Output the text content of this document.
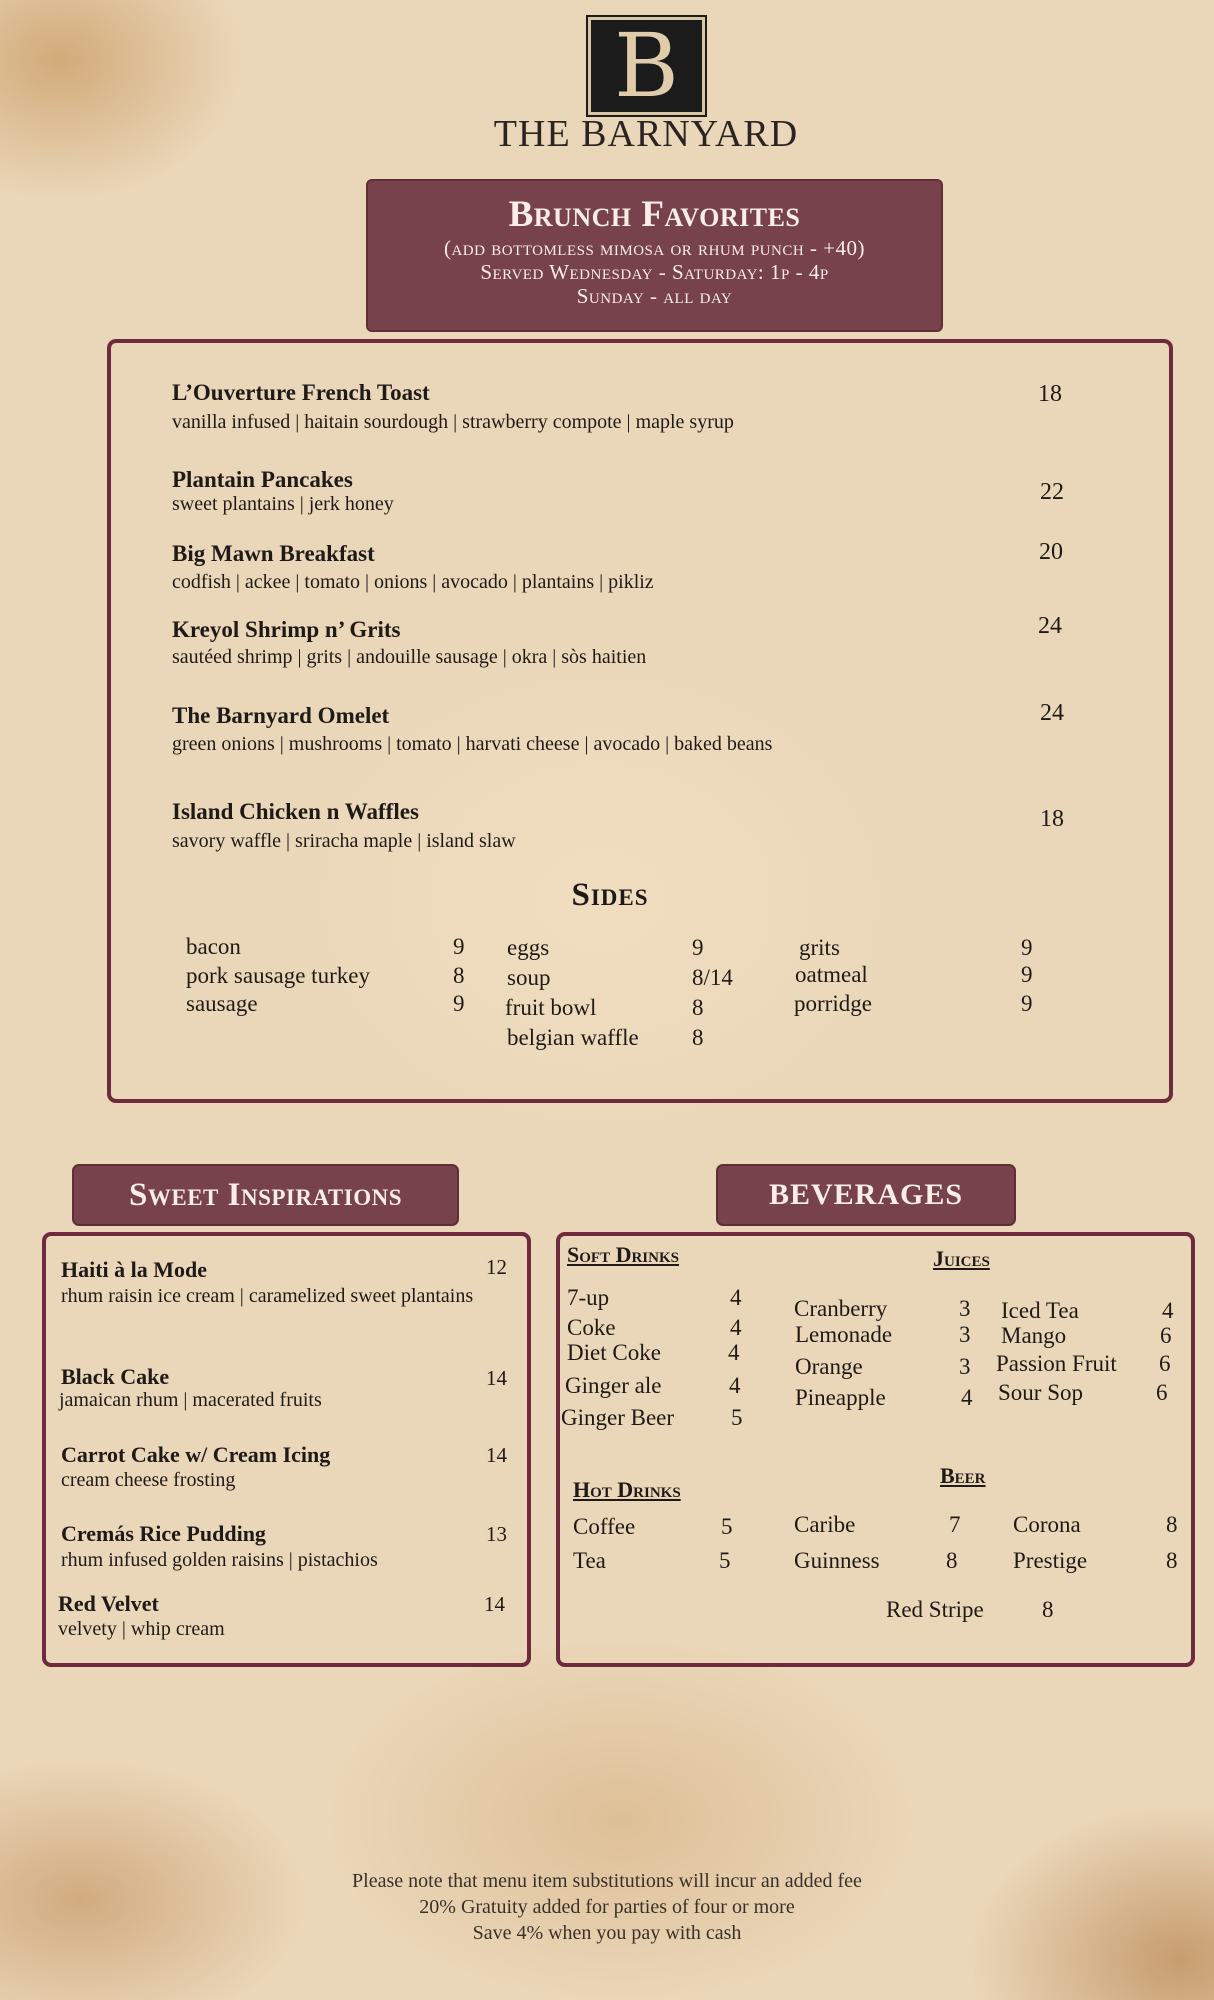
B
THE BARNYARD
Brunch Favorites
(add bottomless mimosa or rhum punch - +40)
Served Wednesday - Saturday: 1p - 4p
Sunday - all day
L’Ouverture French Toast
vanilla infused | haitain sourdough | strawberry compote | maple syrup
18
Plantain Pancakes
sweet plantains | jerk honey	22
Big Mawn Breakfast
codfish | ackee | tomato | onions | avocado | plantains | pikliz
20
Kreyol Shrimp n’ Grits
sautéed shrimp | grits | andouille sausage | okra | sòs haitien
24
The Barnyard Omelet
green onions | mushrooms | tomato | harvati cheese | avocado | baked beans
24
Island Chicken n Waffles
savory waffle | sriracha maple | island slaw
18
Sides
bacon	9
pork sausage turkey	8
sausage	9
eggs	9
soup	8/14
fruit bowl	8
belgian waffle 8
grits	9
oatmeal	9
porridge	9
Sweet Inspirations
Haiti à la Mode	12
rhum raisin ice cream | caramelized sweet plantains
Black Cake	14
jamaican rhum | macerated fruits
Carrot Cake w/ Cream Icing	14
cream cheese frosting
Cremás Rice Pudding	13
rhum infused golden raisins | pistachios
Red Velvet	14
velvety | whip cream
BEVERAGES
Soft Drinks
7-up	4
Coke	4
Diet Coke	4
Ginger ale	4
Ginger Beer 5
Juices
Cranberry	3
Lemonade	3
Orange	3
Pineapple	4
Iced Tea	4
Mango	6
Passion Fruit 6
Sour Sop	6
Hot Drinks
Coffee	5
Tea	5
Beer
Caribe	7 Corona	8
Guinness	8 Prestige	8
Red Stripe	8
Please note that menu item substitutions will incur an added fee
20% Gratuity added for parties of four or more
Save 4% when you pay with cash
